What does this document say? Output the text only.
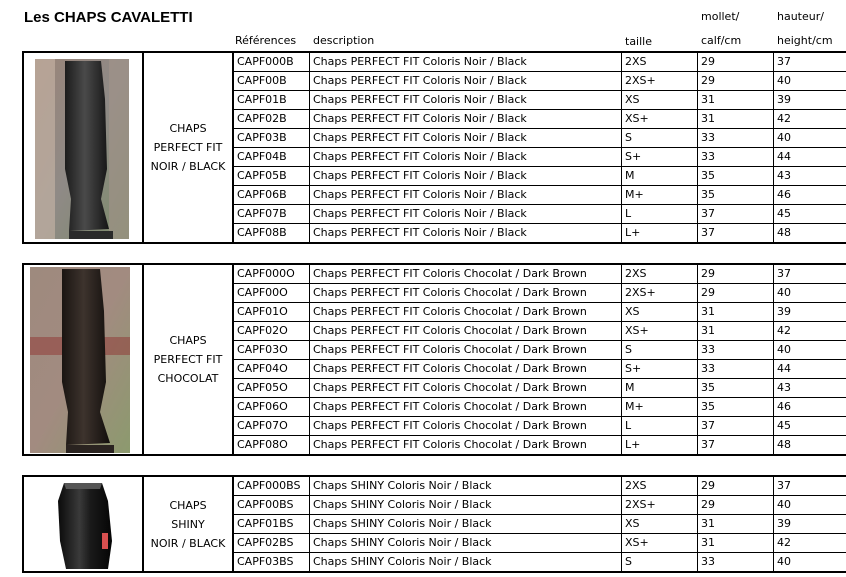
Les CHAPS CAVALETTI	mollet/	hauteur/
Références description	taille	calf/cm	height/cm
CHAPS
PERFECT FIT
NOIR / BLACK
CAPF000B	Chaps PERFECT FIT Coloris Noir / Black	2XS	29	37
CAPF00B	Chaps PERFECT FIT Coloris Noir / Black	2XS+	29	40
CAPF01B	Chaps PERFECT FIT Coloris Noir / Black	XS	31	39
CAPF02B	Chaps PERFECT FIT Coloris Noir / Black	XS+	31	42
CAPF03B	Chaps PERFECT FIT Coloris Noir / Black	S	33	40
CAPF04B	Chaps PERFECT FIT Coloris Noir / Black	S+	33	44
CAPF05B	Chaps PERFECT FIT Coloris Noir / Black	M	35	43
CAPF06B	Chaps PERFECT FIT Coloris Noir / Black	M+	35	46
CAPF07B	Chaps PERFECT FIT Coloris Noir / Black	L	37	45
CAPF08B	Chaps PERFECT FIT Coloris Noir / Black	L+	37	48
CHAPS
PERFECT FIT
CHOCOLAT
CAPF000O	Chaps PERFECT FIT Coloris Chocolat / Dark Brown	2XS	29	37
CAPF00O	Chaps PERFECT FIT Coloris Chocolat / Dark Brown	2XS+	29	40
CAPF01O	Chaps PERFECT FIT Coloris Chocolat / Dark Brown	XS	31	39
CAPF02O	Chaps PERFECT FIT Coloris Chocolat / Dark Brown	XS+	31	42
CAPF03O	Chaps PERFECT FIT Coloris Chocolat / Dark Brown	S	33	40
CAPF04O	Chaps PERFECT FIT Coloris Chocolat / Dark Brown	S+	33	44
CAPF05O	Chaps PERFECT FIT Coloris Chocolat / Dark Brown	M	35	43
CAPF06O	Chaps PERFECT FIT Coloris Chocolat / Dark Brown	M+	35	46
CAPF07O	Chaps PERFECT FIT Coloris Chocolat / Dark Brown	L	37	45
CAPF08O	Chaps PERFECT FIT Coloris Chocolat / Dark Brown	L+	37	48
CHAPS
SHINY
NOIR / BLACK
CAPF000BS	Chaps SHINY Coloris Noir / Black	2XS	29	37
CAPF00BS	Chaps SHINY Coloris Noir / Black	2XS+	29	40
CAPF01BS	Chaps SHINY Coloris Noir / Black	XS	31	39
CAPF02BS	Chaps SHINY Coloris Noir / Black	XS+	31	42
CAPF03BS	Chaps SHINY Coloris Noir / Black	S	33	40
